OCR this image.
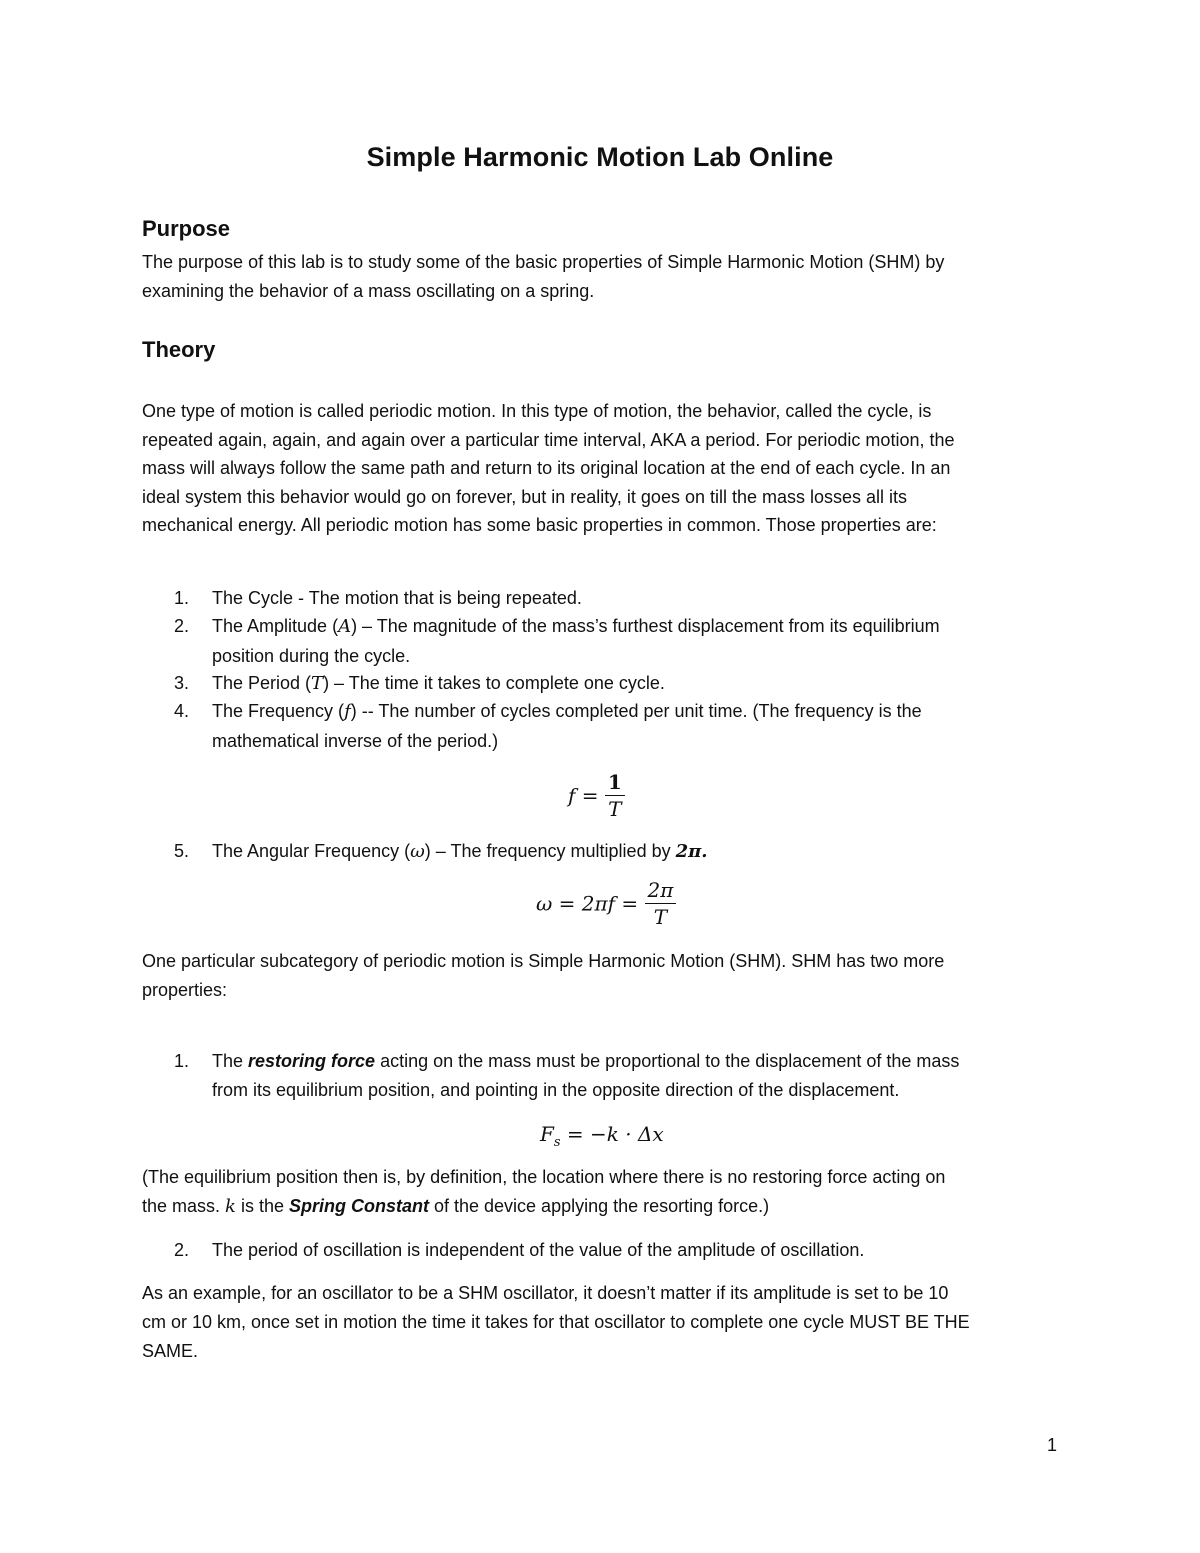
Simple Harmonic Motion Lab Online
Purpose
The purpose of this lab is to study some of the basic properties of Simple Harmonic Motion (SHM) by
examining the behavior of a mass oscillating on a spring.
Theory
One type of motion is called periodic motion. In this type of motion, the behavior, called the cycle, is
repeated again, again, and again over a particular time interval, AKA a period. For periodic motion, the
mass will always follow the same path and return to its original location at the end of each cycle. In an
ideal system this behavior would go on forever, but in reality, it goes on till the mass losses all its
mechanical energy. All periodic motion has some basic properties in common. Those properties are:
1. The Cycle - The motion that is being repeated.
2. The Amplitude (A) – The magnitude of the mass’s furthest displacement from its equilibrium
position during the cycle.
3. The Period (T) – The time it takes to complete one cycle.
4. The Frequency (f) -- The number of cycles completed per unit time. (The frequency is the
mathematical inverse of the period.)
$f = \frac{1}{T}$
5. The Angular Frequency (ω) – The frequency multiplied by 2π.
$\omega = 2\pi f = \frac{2\pi}{T}$
One particular subcategory of periodic motion is Simple Harmonic Motion (SHM). SHM has two more
properties:
1. The restoring force acting on the mass must be proportional to the displacement of the mass
from its equilibrium position, and pointing in the opposite direction of the displacement.
$F_s = -k \cdot \Delta x$
(The equilibrium position then is, by definition, the location where there is no restoring force acting on
the mass. k is the Spring Constant of the device applying the resorting force.)
2. The period of oscillation is independent of the value of the amplitude of oscillation.
As an example, for an oscillator to be a SHM oscillator, it doesn’t matter if its amplitude is set to be 10
cm or 10 km, once set in motion the time it takes for that oscillator to complete one cycle MUST BE THE
SAME.
1
